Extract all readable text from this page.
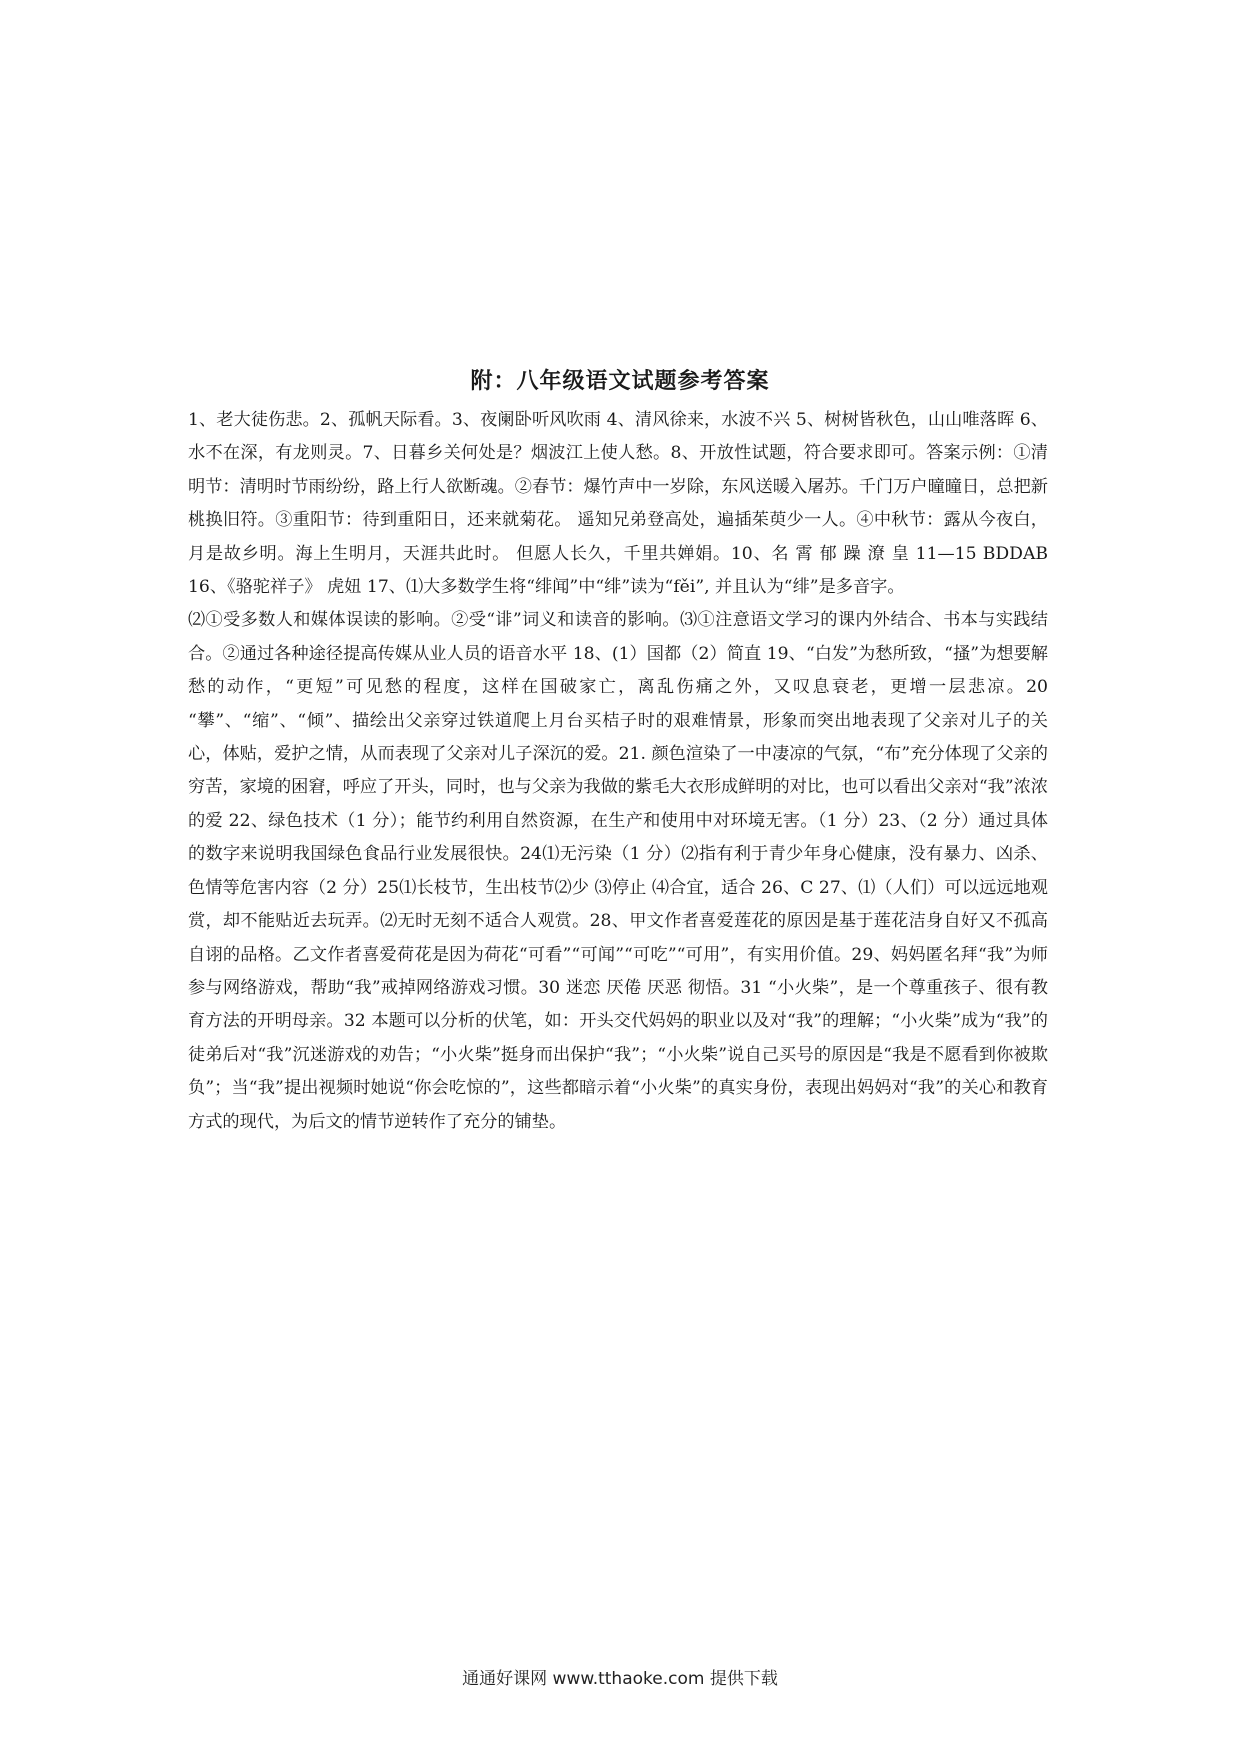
附：八年级语文试题参考答案

1、老大徒伤悲。2、孤帆天际看。3、夜阑卧听风吹雨 4、清风徐来，水波不兴 5、树树皆秋色，山山唯落晖 6、水不在深，有龙则灵。7、日暮乡关何处是？烟波江上使人愁。8、开放性试题，符合要求即可。答案示例：①清明节：清明时节雨纷纷，路上行人欲断魂。②春节：爆竹声中一岁除，东风送暖入屠苏。千门万户曈曈日，总把新桃换旧符。③重阳节：待到重阳日，还来就菊花。 遥知兄弟登高处，遍插茱萸少一人。④中秋节：露从今夜白，月是故乡明。海上生明月，天涯共此时。 但愿人长久，千里共婵娟。10、名 霄 郁 躁 潦 皇 11—15 BDDAB 16、《骆驼祥子》 虎妞 17、⑴大多数学生将“绯闻”中“绯”读为“fěi”, 并且认为“绯”是多音字。

⑵①受多数人和媒体误读的影响。②受“诽”词义和读音的影响。⑶①注意语文学习的课内外结合、书本与实践结合。②通过各种途径提高传媒从业人员的语音水平 18、(1）国都（2）简直 19、“白发”为愁所致，“搔”为想要解愁的动作，“更短”可见愁的程度，这样在国破家亡，离乱伤痛之外，又叹息衰老，更增一层悲凉。20 “攀”、“缩”、“倾”、描绘出父亲穿过铁道爬上月台买桔子时的艰难情景，形象而突出地表现了父亲对儿子的关心，体贴，爱护之情，从而表现了父亲对儿子深沉的爱。21. 颜色渲染了一中凄凉的气氛，“布”充分体现了父亲的穷苦，家境的困窘，呼应了开头，同时，也与父亲为我做的紫毛大衣形成鲜明的对比，也可以看出父亲对“我”浓浓的爱 22、绿色技术（1 分）；能节约利用自然资源，在生产和使用中对环境无害。（1 分）23、（2 分）通过具体的数字来说明我国绿色食品行业发展很快。24⑴无污染（1 分）⑵指有利于青少年身心健康，没有暴力、凶杀、色情等危害内容（2 分）25⑴长枝节，生出枝节⑵少 ⑶停止 ⑷合宜，适合 26、C 27、⑴（人们）可以远远地观赏，却不能贴近去玩弄。⑵无时无刻不适合人观赏。28、甲文作者喜爱莲花的原因是基于莲花洁身自好又不孤高自诩的品格。乙文作者喜爱荷花是因为荷花“可看”“可闻”“可吃”“可用”，有实用价值。29、妈妈匿名拜“我”为师参与网络游戏，帮助“我”戒掉网络游戏习惯。30 迷恋 厌倦 厌恶 彻悟。31 “小火柴”，是一个尊重孩子、很有教育方法的开明母亲。32 本题可以分析的伏笔，如：开头交代妈妈的职业以及对“我”的理解；“小火柴”成为“我”的徒弟后对“我”沉迷游戏的劝告；“小火柴”挺身而出保护“我”；“小火柴”说自己买号的原因是“我是不愿看到你被欺负”；当“我”提出视频时她说“你会吃惊的”，这些都暗示着“小火柴”的真实身份，表现出妈妈对“我”的关心和教育方式的现代，为后文的情节逆转作了充分的铺垫。

通通好课网 www.tthaoke.com 提供下载
